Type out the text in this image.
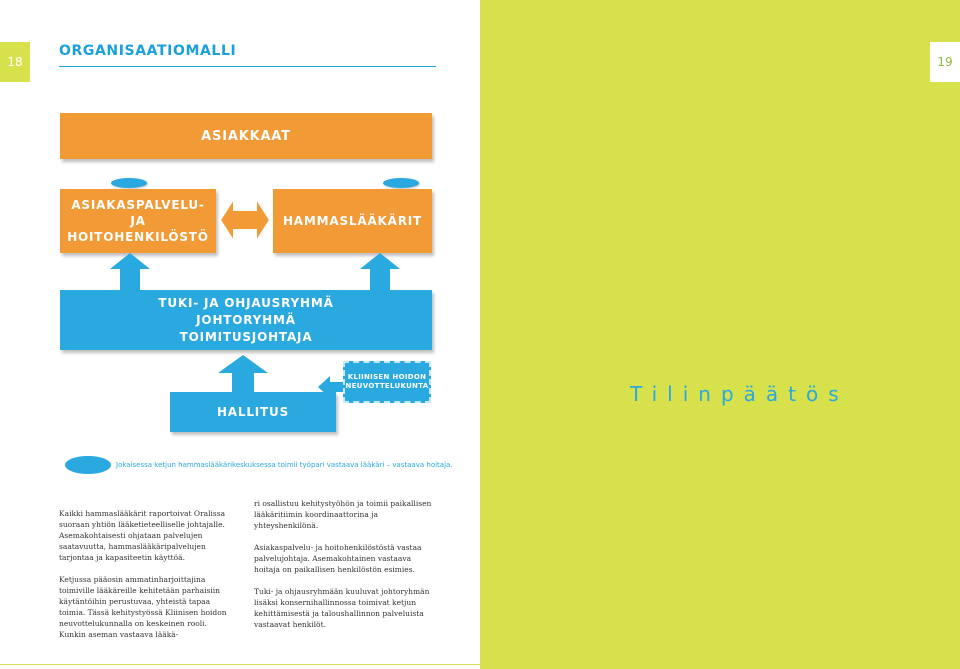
18
ORGANISAATIOMALLI
ASIAKKAAT
ASIAKASPALVELU-
JA HOITOHENKILÖSTÖ
HAMMASLÄÄKÄRIT
TUKI- JA OHJAUSRYHMÄ
JOHTORYHMÄ
TOIMITUSJOHTAJA
HALLITUS
KLIINISEN HOIDON
NEUVOTTELUKUNTA
Jokaisessa ketjun hammaslääkärikeskuksessa toimii työpari vastaava lääkäri – vastaava hoitaja.

Kaikki hammaslääkärit raportoivat Oralissa suoraan yhtiön lääketieteelliselle johtajalle. Asemakohtaisesti ohjataan palvelujen saatavuutta, hammaslääkäripalvelujen tarjontaa ja kapasiteetin käyttöä.

Ketjussa pääosin ammatinharjoittajina toimiville lääkäreille kehitetään parhaisiin käytäntöihin perustuvaa, yhteistä tapaa toimia. Tässä kehitystyössä Kliinisen hoidon neuvottelukunnalla on keskeinen rooli. Kunkin aseman vastaava lääkä-

ri osallistuu kehitystyöhön ja toimii paikallisen lääkäritiimin koordinaattorina ja yhteyshenkilönä.

Asiakaspalvelu- ja hoitohenkilöstöstä vastaa palvelujohtaja. Asemakohtainen vastaava hoitaja on paikallisen henkilöstön esimies.

Tuki- ja ohjausryhmään kuuluvat johtoryhmän lisäksi konsernihallinnossa toimivat ketjun kehittämisestä ja taloushallinnon palveluista vastaavat henkilöt.

19
Tilinpäätös
